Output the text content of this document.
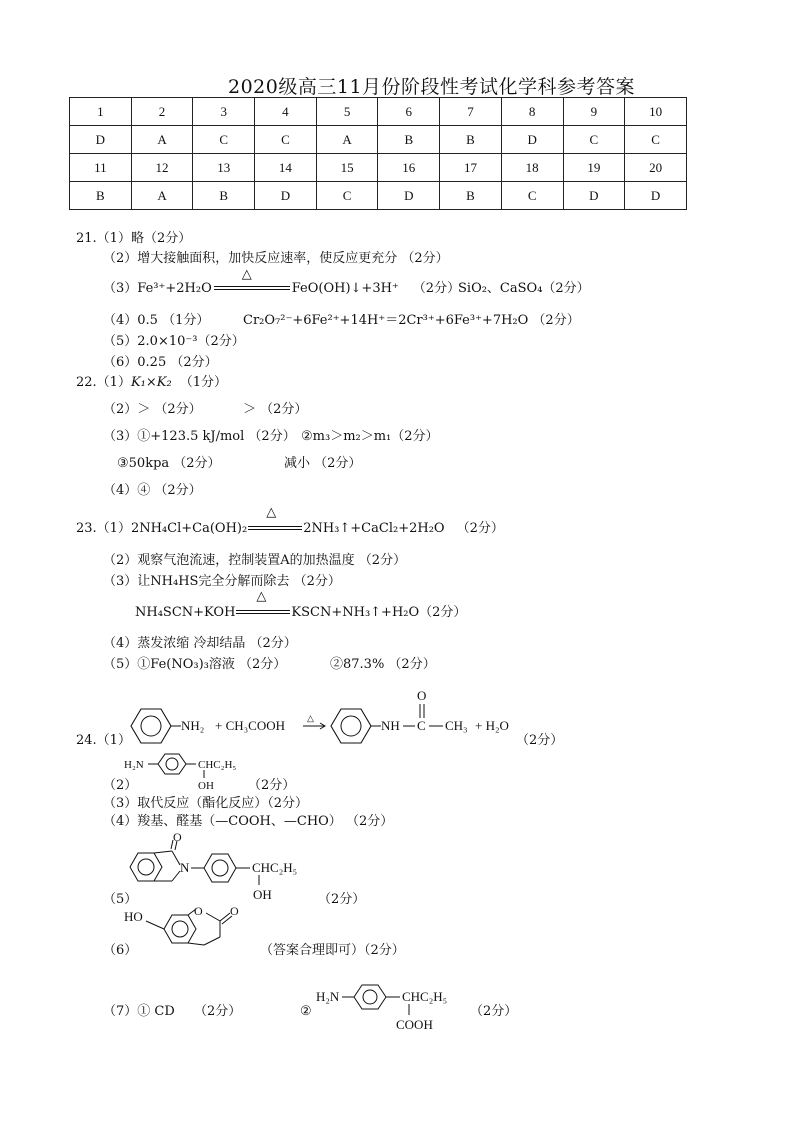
2020级高三11月份阶段性考试化学科参考答案
1	2	3	4	5	6	7	8	9	10
D	A	C	C	A	B	B	D	C	C
11	12	13	14	15	16	17	18	19	20
B	A	B	D	C	D	B	C	D	D
21.（1）略（2分）
（2）增大接触面积，加快反应速率，使反应更充分 （2分）
（3）Fe³⁺+2H₂O
△
FeO(OH)↓+3H⁺ （2分）
SiO₂、CaSO₄（2分）
（4）0.5 （1分）	Cr₂O₇²⁻+6Fe²⁺+14H⁺＝2Cr³⁺+6Fe³⁺+7H₂O （2分）
（5）2.0×10⁻³（2分）
（6）0.25 （2分）
22.（1）K₁×K₂ （1分）
（2）＞ （2分）	＞ （2分）
（3）①+123.5 kJ/mol （2分） ②m₃＞m₂＞m₁（2分）
③50kpa （2分）	减小 （2分）
（4）④ （2分）
23.（1）2NH₄Cl+Ca(OH)₂
△
2NH₃↑+CaCl₂+2H₂O （2分）
（2）观察气泡流速，控制装置A的加热温度 （2分）
（3）让NH₄HS完全分解而除去 （2分）
NH₄SCN+KOH
△
KSCN+NH₃↑+H₂O（2分）
（4）蒸发浓缩 冷却结晶 （2分）
（5）①Fe(NO₃)₃溶液 （2分）	②87.3% （2分）
24.（1）
NH₂ + CH₃COOH △	NH C
O
CH₃ + H₂O
（2分）
（2）
H₂N	CHC₂H₅
OH	（2分）
（3）取代反应（酯化反应）（2分）
（4）羧基、醛基（—COOH、—CHO） （2分）
O
N	CHC₂H₅
OH
（5）	（2分）
HO	O O
（6）	（答案合理即可）（2分）
（7）① CD （2分）	②
H₂N	CHC₂H₅
COOH
（2分）
